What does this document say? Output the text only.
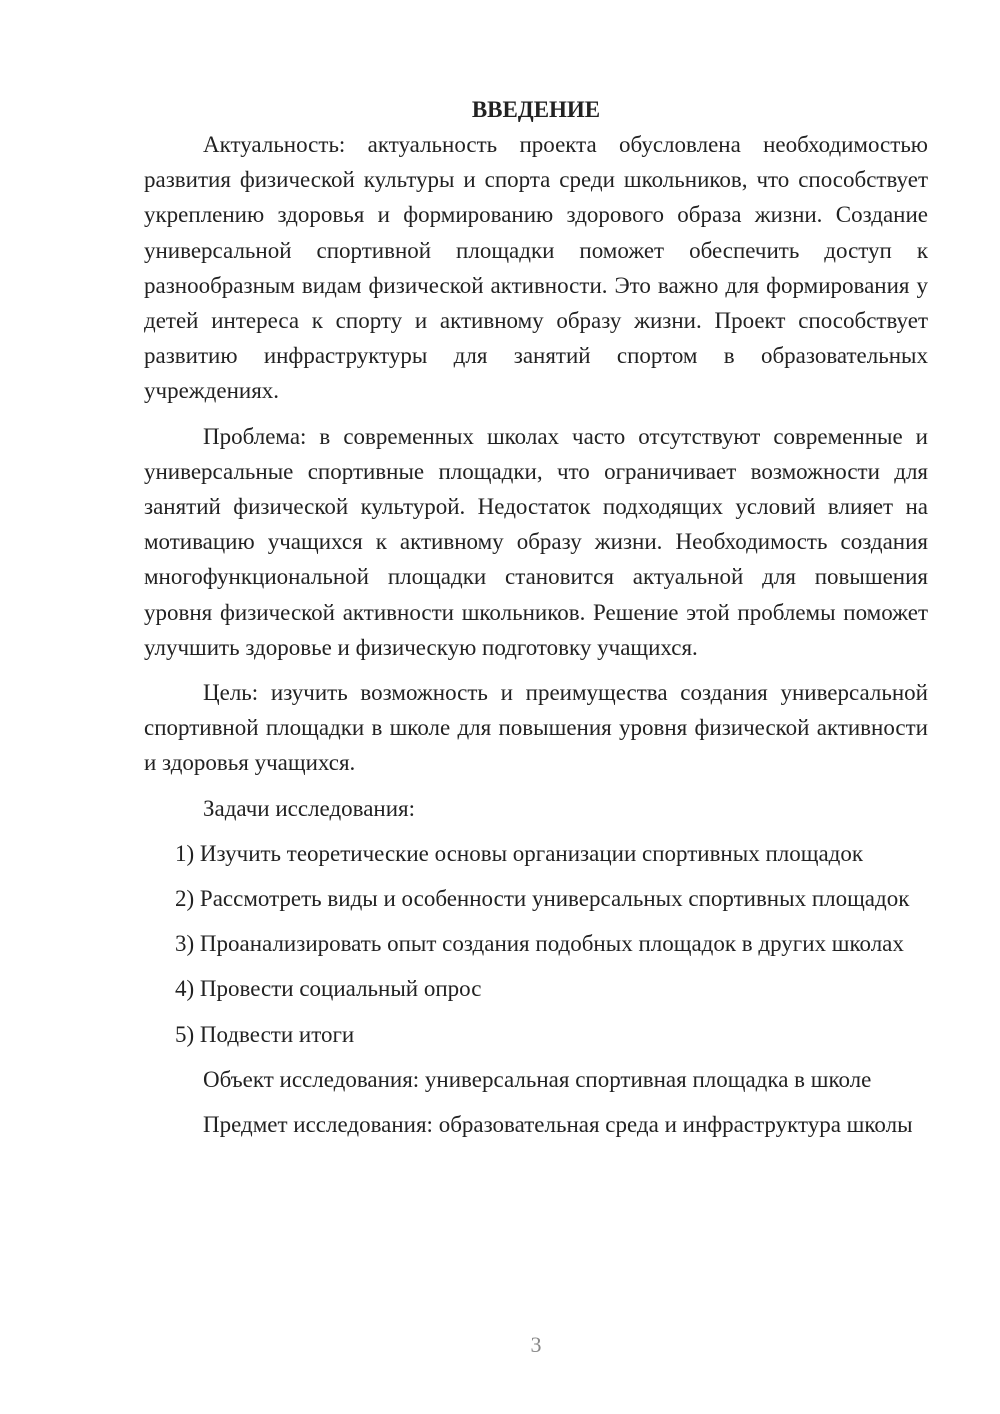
ВВЕДЕНИЕ

Актуальность: актуальность проекта обусловлена необходимостью развития физической культуры и спорта среди школьников, что способствует укреплению здоровья и формированию здорового образа жизни. Создание универсальной спортивной площадки поможет обеспечить доступ к разнообразным видам физической активности. Это важно для формирования у детей интереса к спорту и активному образу жизни. Проект способствует развитию инфраструктуры для занятий спортом в образовательных учреждениях.

Проблема: в современных школах часто отсутствуют современные и универсальные спортивные площадки, что ограничивает возможности для занятий физической культурой. Недостаток подходящих условий влияет на мотивацию учащихся к активному образу жизни. Необходимость создания многофункциональной площадки становится актуальной для повышения уровня физической активности школьников. Решение этой проблемы поможет улучшить здоровье и физическую подготовку учащихся.

Цель: изучить возможность и преимущества создания универсальной спортивной площадки в школе для повышения уровня физической активности и здоровья учащихся.

Задачи исследования:

1) Изучить теоретические основы организации спортивных площадок

2) Рассмотреть виды и особенности универсальных спортивных площадок

3) Проанализировать опыт создания подобных площадок в других школах

4) Провести социальный опрос

5) Подвести итоги

Объект исследования: универсальная спортивная площадка в школе

Предмет исследования: образовательная среда и инфраструктура школы

3
